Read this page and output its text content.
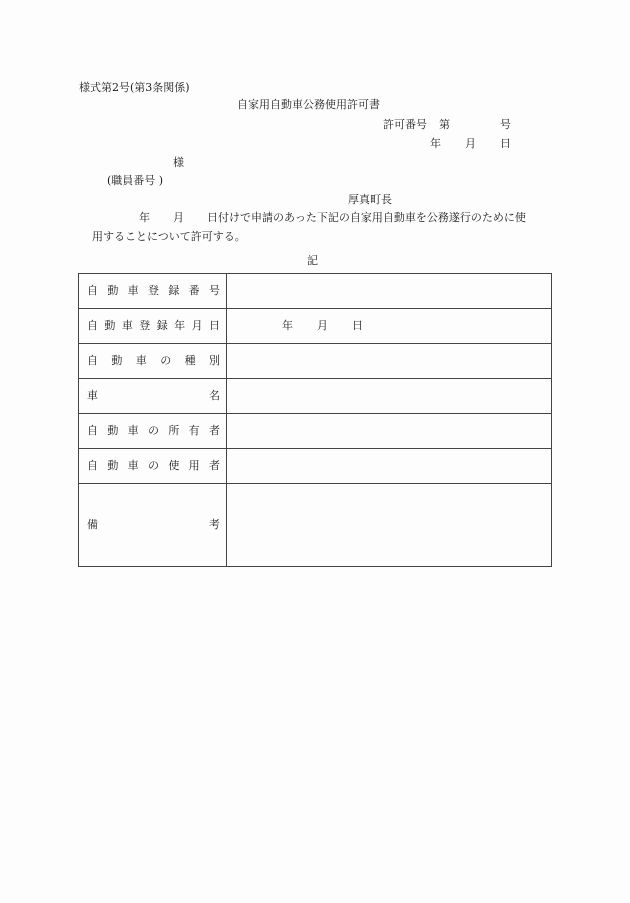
様式第2号(第3条関係)
自家用自動車公務使用許可書
許可番号 第	号
年 月 日
様
(職員番号 )
厚真町長
年 月 日付けで申請のあった下記の自家用自動車を公務遂行のために使
用することについて許可する。
記
自動車登録番号	
自動車登録年月日	年 月 日
自動車の種別	
車名	
自動車の所有者	
自動車の使用者	
備考	
